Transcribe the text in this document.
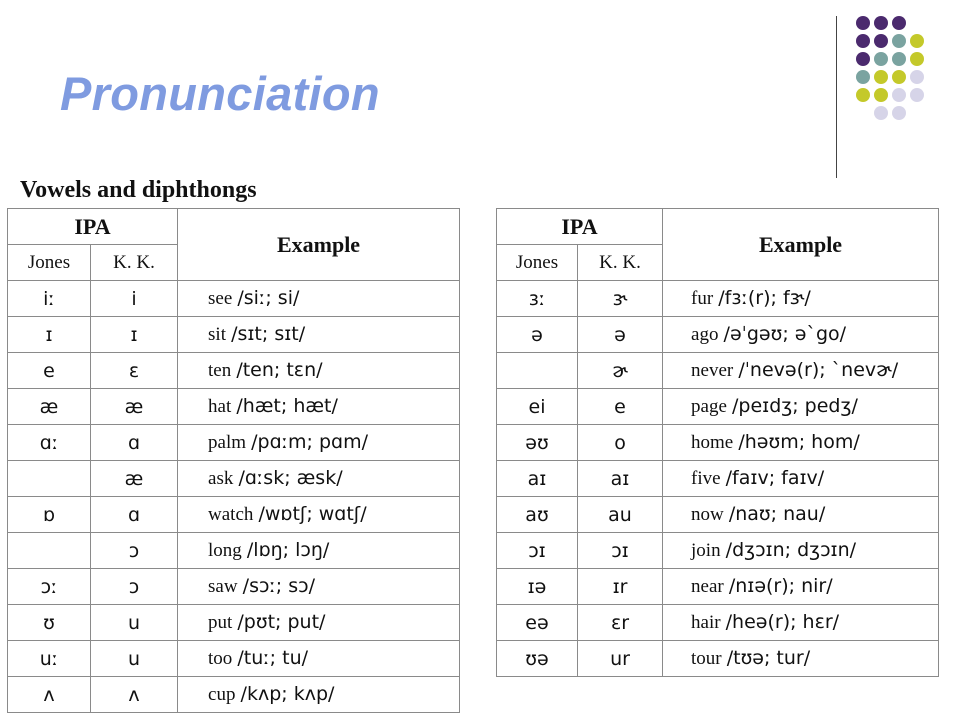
Pronunciation
Vowels and diphthongs
IPA		Example
Jones	K. K.	
iː	i	see /siː; si/
ɪ	ɪ	sit /sɪt; sɪt/
e	ɛ	ten /ten; tɛn/
æ	æ	hat /hæt; hæt/
ɑː	ɑ	palm /pɑːm; pɑm/
	æ	ask /ɑːsk; æsk/
ɒ	ɑ	watch /wɒtʃ; wɑtʃ/
	ɔ	long /lɒŋ; lɔŋ/
ɔː	ɔ	saw /sɔː; sɔ/
ʊ	u	put /pʊt; put/
uː	u	too /tuː; tu/
ʌ	ʌ	cup /kʌp; kʌp/
IPA		Example
Jones	K. K.	
ɜː	ɝ	fur /fɜː(r); fɝ/
ə	ə	ago /əˈgəʊ; əˋgo/
	ɚ	never /ˈnevə(r); ˋnevɚ/
ei	e	page /peɪdʒ; pedʒ/
əʊ	o	home /həʊm; hom/
aɪ	aɪ	five /faɪv; faɪv/
aʊ	au	now /naʊ; nau/
ɔɪ	ɔɪ	join /dʒɔɪn; dʒɔɪn/
ɪə	ɪr	near /nɪə(r); nir/
eə	ɛr	hair /heə(r); hɛr/
ʊə	ur	tour /tʊə; tur/
